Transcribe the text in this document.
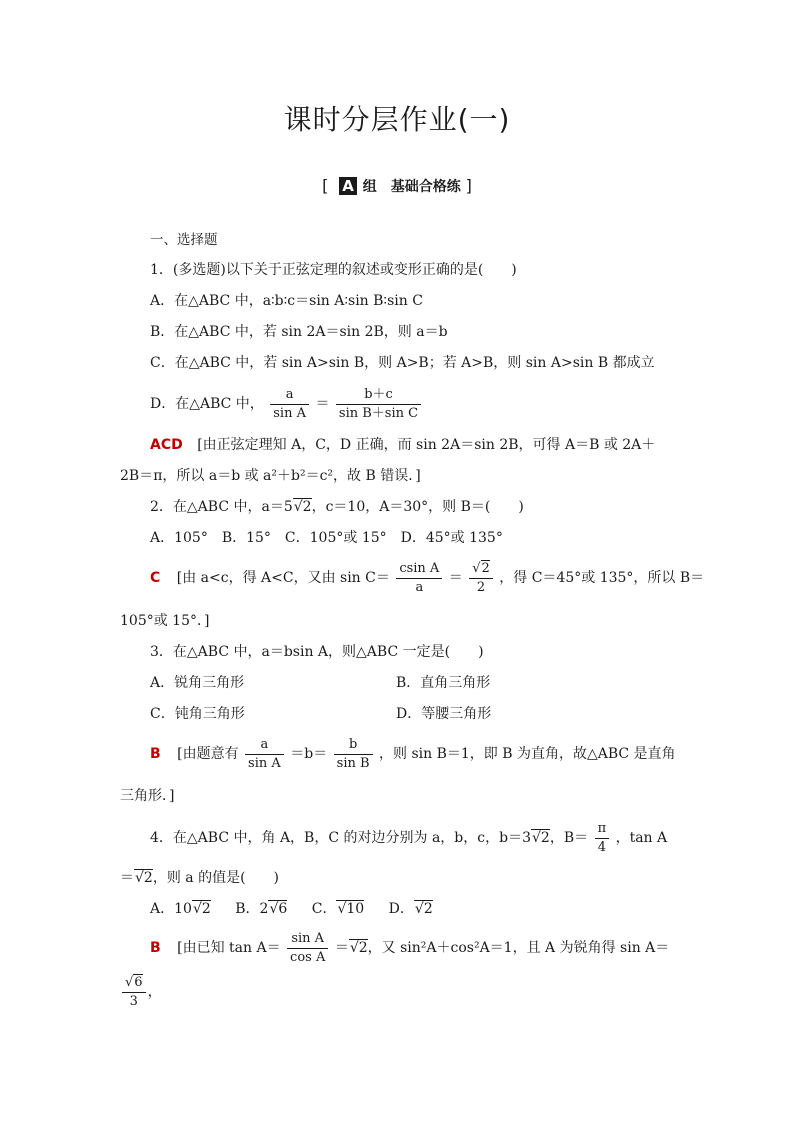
课时分层作业(一)
[ A 组　基础合格练 ]
一、选择题
1．(多选题)以下关于正弦定理的叙述或变形正确的是(　　)
A．在△ABC 中，a∶b∶c＝sin A∶sin B∶sin C
B．在△ABC 中，若 sin 2A＝sin 2B，则 a＝b
C．在△ABC 中，若 sin A>sin B，则 A>B；若 A>B，则 sin A>sin B 都成立
D．在△ABC 中， $\frac{a}{\text{sin A}} = \frac{b+c}{\text{sin B＋sin C}}$
ACD [由正弦定理知 A，C，D 正确，而 sin 2A＝sin 2B，可得 A＝B 或 2A＋
2B＝π，所以 a＝b 或 a²＋b²＝c²，故 B 错误．]
2．在△ABC 中，a＝5√2，c＝10，A＝30°，则 B＝(　　)
A．105°　B．15°　C．105°或 15°　D．45°或 135°
C [由 a<c，得 A<C，又由 $\sin C= \frac{\text{csin A}}{a} = \frac{√2}{2}$ ，得 C＝45°或 135°，所以 B＝
105°或 15°．]
3．在△ABC 中，a＝bsin A，则△ABC 一定是(　　)
A．锐角三角形	B．直角三角形
C．钝角三角形	D．等腰三角形
B [由题意有 $\frac{a}{\text{sin A}} =b= \frac{b}{\text{sin B}}$ ，则 sin B＝1，即 B 为直角，故△ABC 是直角
三角形．]
4．在△ABC 中，角 A，B，C 的对边分别为 a，b，c，b＝3√2，$B= \frac{\pi}{4}$ ，tan A
＝√2，则 a 的值是(　　)
A．10√2 B．2√6 C．√10 D．√2
B [由已知 $\tan A= \frac{\text{sin A}}{\text{cos A}} =√2$，又 sin²A＋cos²A＝1，且 A 为锐角得 sin A＝
$\frac{√6}{3}$ ，
